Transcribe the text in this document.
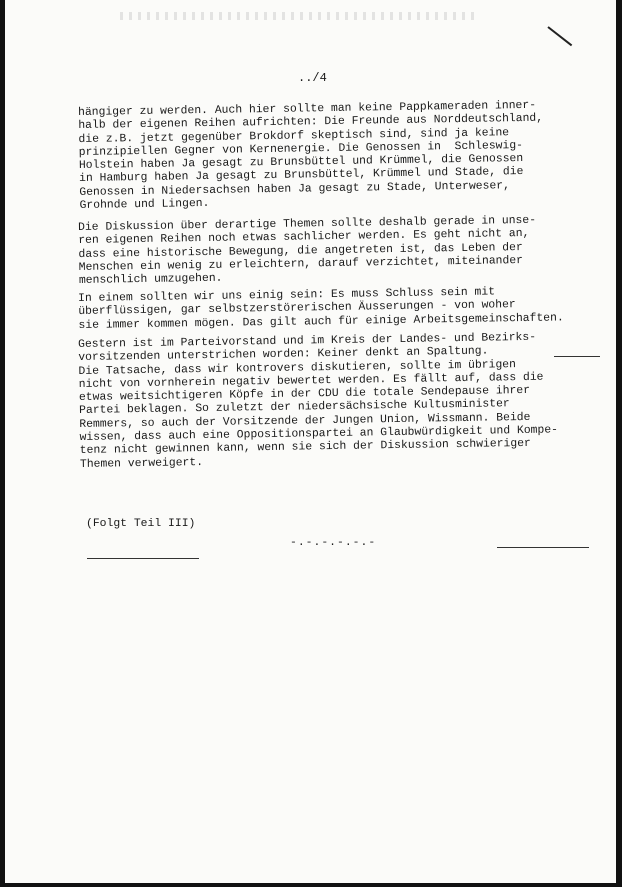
../4
hängiger zu werden. Auch hier sollte man keine Pappkameraden inner-
halb der eigenen Reihen aufrichten: Die Freunde aus Norddeutschland,
die z.B. jetzt gegenüber Brokdorf skeptisch sind, sind ja keine
prinzipiellen Gegner von Kernenergie. Die Genossen in  Schleswig-
Holstein haben Ja gesagt zu Brunsbüttel und Krümmel, die Genossen
in Hamburg haben Ja gesagt zu Brunsbüttel, Krümmel und Stade, die
Genossen in Niedersachsen haben Ja gesagt zu Stade, Unterweser,
Grohnde und Lingen.
Die Diskussion über derartige Themen sollte deshalb gerade in unse-
ren eigenen Reihen noch etwas sachlicher werden. Es geht nicht an,
dass eine historische Bewegung, die angetreten ist, das Leben der
Menschen ein wenig zu erleichtern, darauf verzichtet, miteinander
menschlich umzugehen.
In einem sollten wir uns einig sein: Es muss Schluss sein mit
überflüssigen, gar selbstzerstörerischen Äusserungen - von woher
sie immer kommen mögen. Das gilt auch für einige Arbeitsgemeinschaften.
Gestern ist im Parteivorstand und im Kreis der Landes- und Bezirks-
vorsitzenden unterstrichen worden: Keiner denkt an Spaltung.
Die Tatsache, dass wir kontrovers diskutieren, sollte im übrigen
nicht von vornherein negativ bewertet werden. Es fällt auf, dass die
etwas weitsichtigeren Köpfe in der CDU die totale Sendepause ihrer
Partei beklagen. So zuletzt der niedersächsische Kultusminister
Remmers, so auch der Vorsitzende der Jungen Union, Wissmann. Beide
wissen, dass auch eine Oppositionspartei an Glaubwürdigkeit und Kompe-
tenz nicht gewinnen kann, wenn sie sich der Diskussion schwieriger
Themen verweigert.
(Folgt Teil III)
-.-.-.-.-.-
